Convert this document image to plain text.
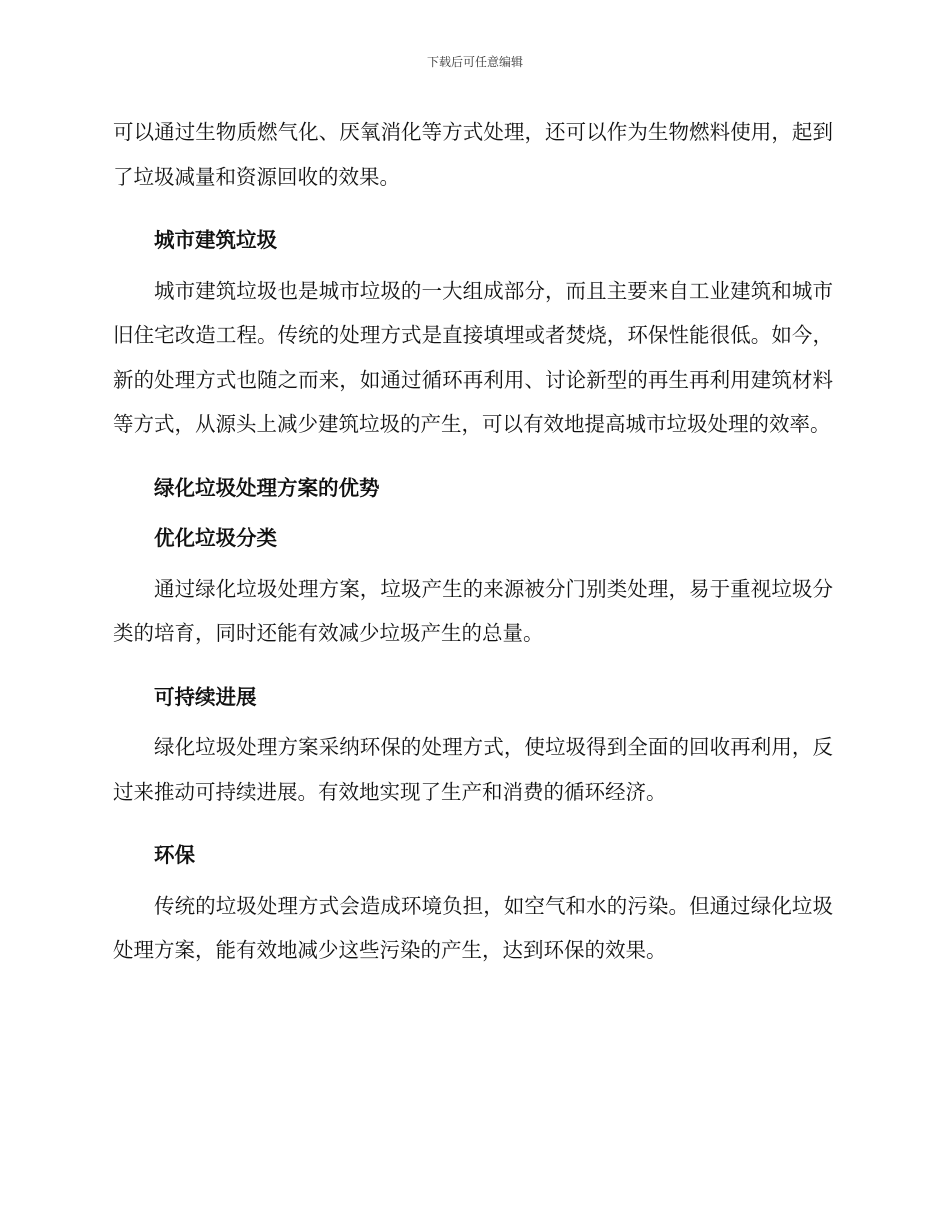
下载后可任意编辑

可以通过生物质燃气化、厌氧消化等方式处理，还可以作为生物燃料使用，起到了垃圾减量和资源回收的效果。

城市建筑垃圾

城市建筑垃圾也是城市垃圾的一大组成部分，而且主要来自工业建筑和城市旧住宅改造工程。传统的处理方式是直接填埋或者焚烧，环保性能很低。如今，新的处理方式也随之而来，如通过循环再利用、讨论新型的再生再利用建筑材料等方式，从源头上减少建筑垃圾的产生，可以有效地提高城市垃圾处理的效率。

绿化垃圾处理方案的优势
优化垃圾分类

通过绿化垃圾处理方案，垃圾产生的来源被分门别类处理，易于重视垃圾分类的培育，同时还能有效减少垃圾产生的总量。

可持续进展

绿化垃圾处理方案采纳环保的处理方式，使垃圾得到全面的回收再利用，反过来推动可持续进展。有效地实现了生产和消费的循环经济。

环保

传统的垃圾处理方式会造成环境负担，如空气和水的污染。但通过绿化垃圾处理方案，能有效地减少这些污染的产生，达到环保的效果。
